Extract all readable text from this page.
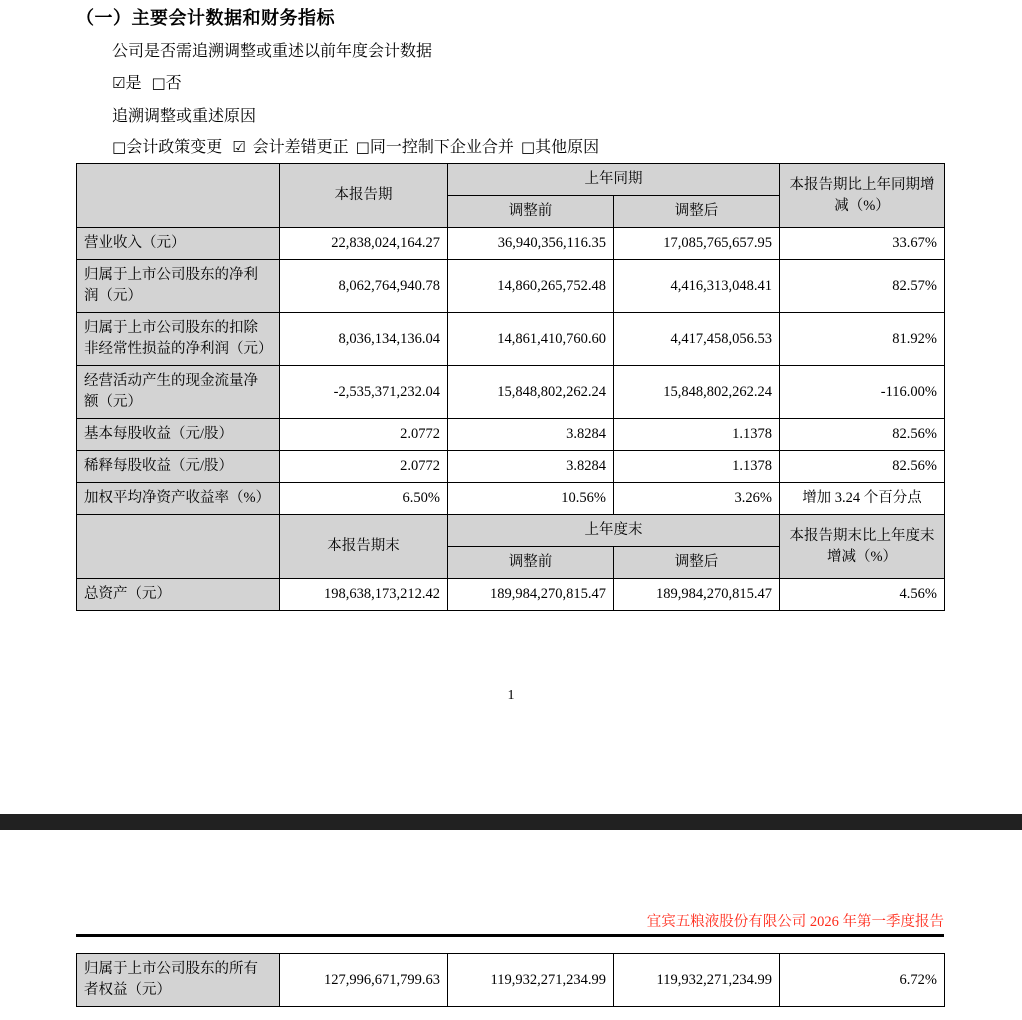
（一）主要会计数据和财务指标
公司是否需追溯调整或重述以前年度会计数据
☑是 □否
追溯调整或重述原因
□会计政策变更 ☑ 会计差错更正 □同一控制下企业合并 □其他原因
	本报告期	上年同期		本报告期比上年同期增减（%）
		调整前	调整后	
营业收入（元）	22,838,024,164.27	36,940,356,116.35	17,085,765,657.95	33.67%
归属于上市公司股东的净利润（元）	8,062,764,940.78	14,860,265,752.48	4,416,313,048.41	82.57%
归属于上市公司股东的扣除非经常性损益的净利润（元）	8,036,134,136.04	14,861,410,760.60	4,417,458,056.53	81.92%
经营活动产生的现金流量净额（元）	-2,535,371,232.04	15,848,802,262.24	15,848,802,262.24	-116.00%
基本每股收益（元/股）	2.0772	3.8284	1.1378	82.56%
稀释每股收益（元/股）	2.0772	3.8284	1.1378	82.56%
加权平均净资产收益率（%）	6.50%	10.56%	3.26%	增加 3.24 个百分点
	本报告期末	上年度末		本报告期末比上年度末增减（%）
		调整前	调整后	
总资产（元）	198,638,173,212.42	189,984,270,815.47	189,984,270,815.47	4.56%
1
宜宾五粮液股份有限公司 2026 年第一季度报告
归属于上市公司股东的所有者权益（元）	127,996,671,799.63	119,932,271,234.99	119,932,271,234.99	6.72%
